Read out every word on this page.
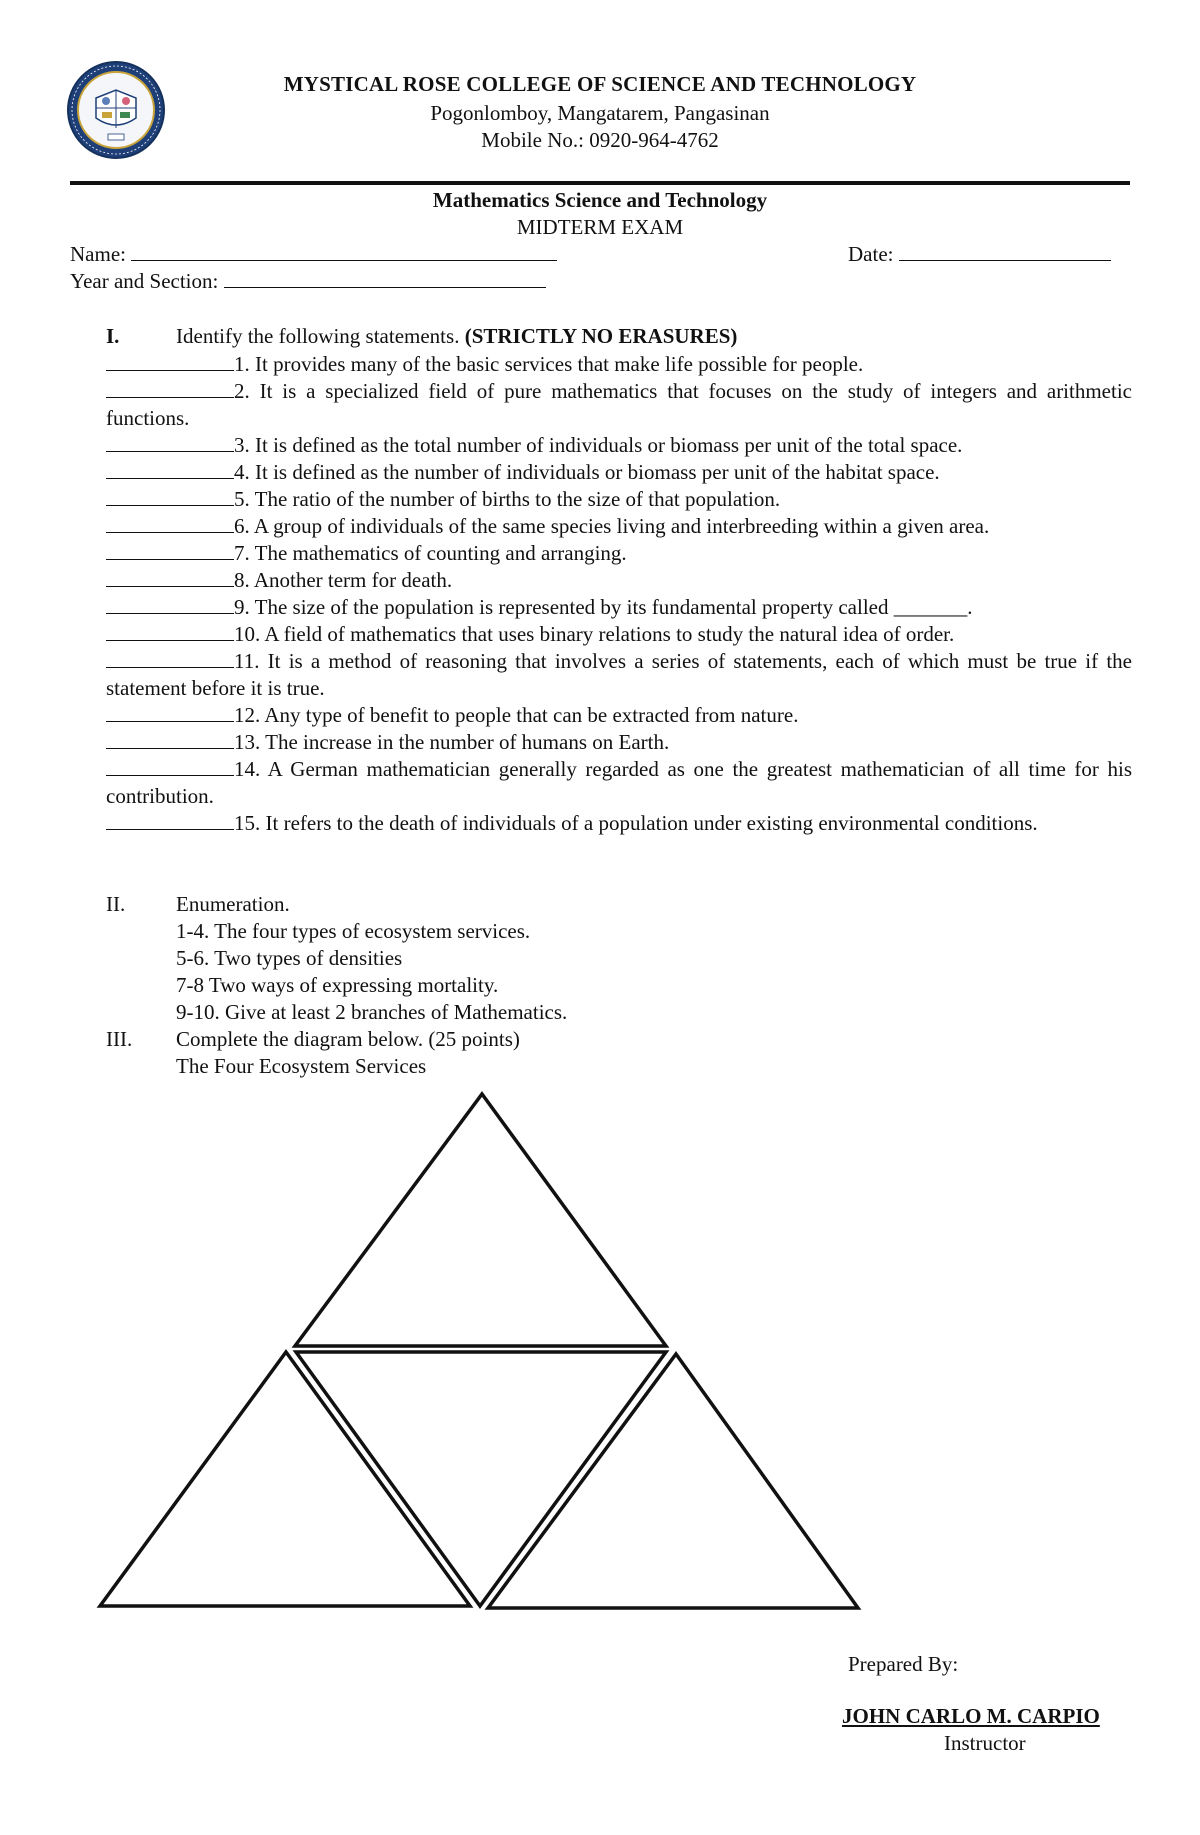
MYSTICAL ROSE COLLEGE OF SCIENCE AND TECHNOLOGY
Pogonlomboy, Mangatarem, Pangasinan
Mobile No.: 0920-964-4762
Mathematics Science and Technology
MIDTERM EXAM
Name:	Date:
Year and Section:
I.	Identify the following statements. (STRICTLY NO ERASURES)
1. It provides many of the basic services that make life possible for people.
2. It is a specialized field of pure mathematics that focuses on the study of integers and arithmetic functions.
3. It is defined as the total number of individuals or biomass per unit of the total space.
4. It is defined as the number of individuals or biomass per unit of the habitat space.
5. The ratio of the number of births to the size of that population.
6. A group of individuals of the same species living and interbreeding within a given area.
7. The mathematics of counting and arranging.
8. Another term for death.
9. The size of the population is represented by its fundamental property called _______.
10. A field of mathematics that uses binary relations to study the natural idea of order.
11. It is a method of reasoning that involves a series of statements, each of which must be true if the statement before it is true.
12. Any type of benefit to people that can be extracted from nature.
13. The increase in the number of humans on Earth.
14. A German mathematician generally regarded as one the greatest mathematician of all time for his contribution.
15. It refers to the death of individuals of a population under existing environmental conditions.
II. Enumeration.
1-4. The four types of ecosystem services.
5-6. Two types of densities
7-8 Two ways of expressing mortality.
9-10. Give at least 2 branches of Mathematics.
III. Complete the diagram below. (25 points)
The Four Ecosystem Services
Prepared By:
JOHN CARLO M. CARPIO
Instructor
